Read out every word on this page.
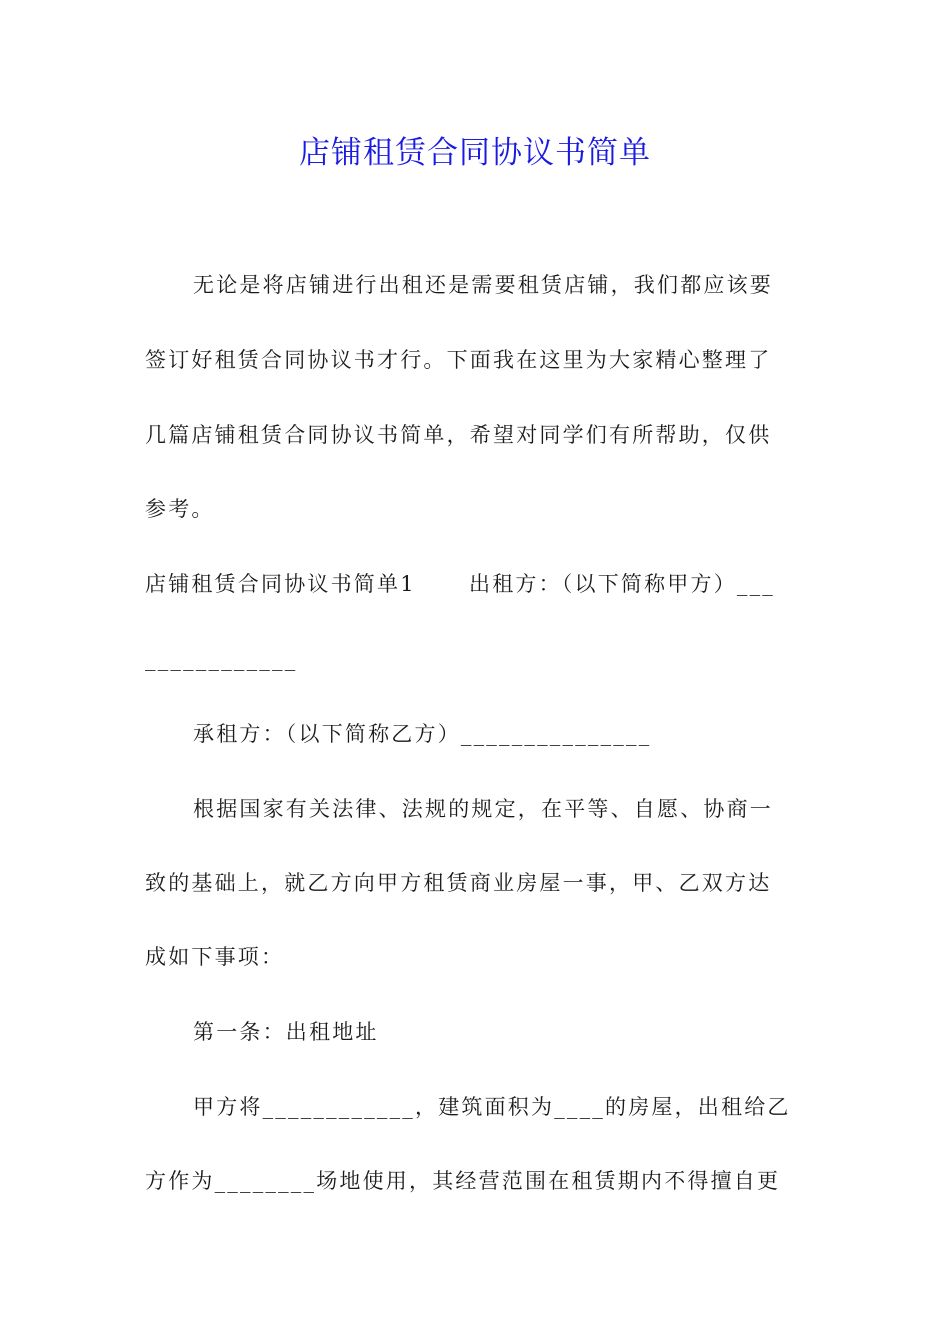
店铺租赁合同协议书简单
无论是将店铺进行出租还是需要租赁店铺，我们都应该要
签订好租赁合同协议书才行。下面我在这里为大家精心整理了
几篇店铺租赁合同协议书简单，希望对同学们有所帮助，仅供
参考。
店铺租赁合同协议书简单1      出租方：（以下简称甲方）___
____________
承租方：（以下简称乙方）_______________
根据国家有关法律、法规的规定，在平等、自愿、协商一
致的基础上，就乙方向甲方租赁商业房屋一事，甲、乙双方达
成如下事项：
第一条：出租地址
甲方将____________，建筑面积为____的房屋，出租给乙
方作为________场地使用，其经营范围在租赁期内不得擅自更
